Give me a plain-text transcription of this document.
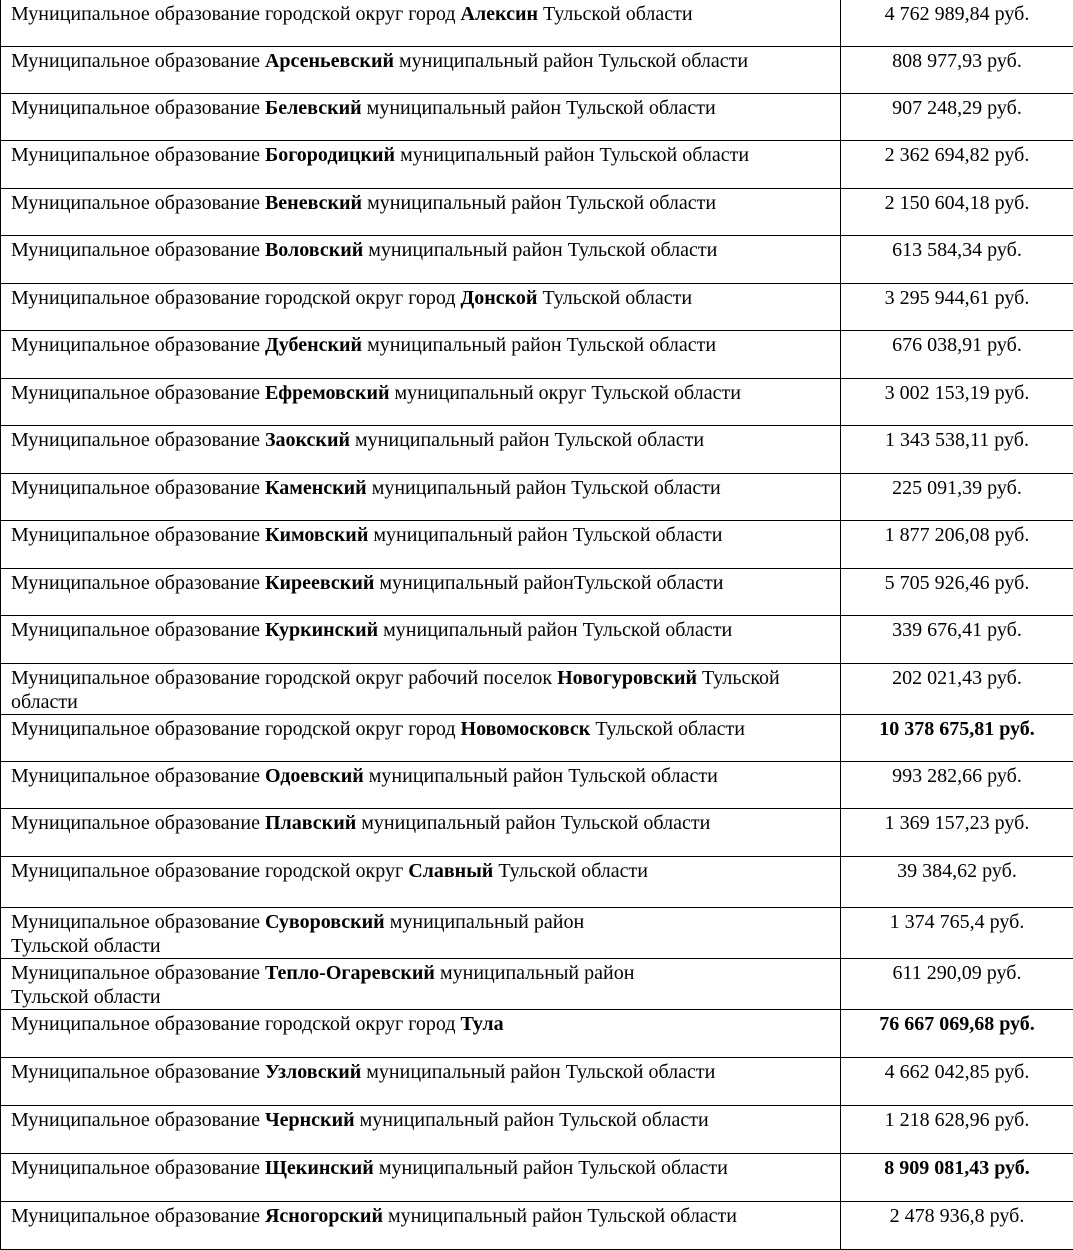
Муниципальное образование городской округ город Алексин Тульской области	4 762 989,84 руб.

Муниципальное образование Арсеньевский муниципальный район Тульской области	808 977,93 руб.

Муниципальное образование Белевский муниципальный район Тульской области	907 248,29 руб.

Муниципальное образование Богородицкий муниципальный район Тульской области	2 362 694,82 руб.

Муниципальное образование Веневский муниципальный район Тульской области	2 150 604,18 руб.

Муниципальное образование Воловский муниципальный район Тульской области	613 584,34 руб.

Муниципальное образование городской округ город Донской Тульской области	3 295 944,61 руб.

Муниципальное образование Дубенский муниципальный район Тульской области	676 038,91 руб.

Муниципальное образование Ефремовский муниципальный округ Тульской области	3 002 153,19 руб.

Муниципальное образование Заокский муниципальный район Тульской области	1 343 538,11 руб.

Муниципальное образование Каменский муниципальный район Тульской области	225 091,39 руб.

Муниципальное образование Кимовский муниципальный район Тульской области	1 877 206,08 руб.

Муниципальное образование Киреевский муниципальный районТульской области	5 705 926,46 руб.

Муниципальное образование Куркинский муниципальный район Тульской области	339 676,41 руб.

Муниципальное образование городской округ рабочий поселок Новогуровский Тульской области	202 021,43 руб.

Муниципальное образование городской округ город Новомосковск Тульской области	10 378 675,81 руб.

Муниципальное образование Одоевский муниципальный район Тульской области	993 282,66 руб.

Муниципальное образование Плавский муниципальный район Тульской области	1 369 157,23 руб.

Муниципальное образование городской округ Славный Тульской области	39 384,62 руб.

Муниципальное образование Суворовский муниципальный район Тульской области	1 374 765,4 руб.

Муниципальное образование Тепло-Огаревский муниципальный район Тульской области	611 290,09 руб.

Муниципальное образование городской округ город Тула	76 667 069,68 руб.

Муниципальное образование Узловский муниципальный район Тульской области	4 662 042,85 руб.

Муниципальное образование Чернский муниципальный район Тульской области	1 218 628,96 руб.

Муниципальное образование Щекинский муниципальный район Тульской области	8 909 081,43 руб.

Муниципальное образование Ясногорский муниципальный район Тульской области	2 478 936,8 руб.
